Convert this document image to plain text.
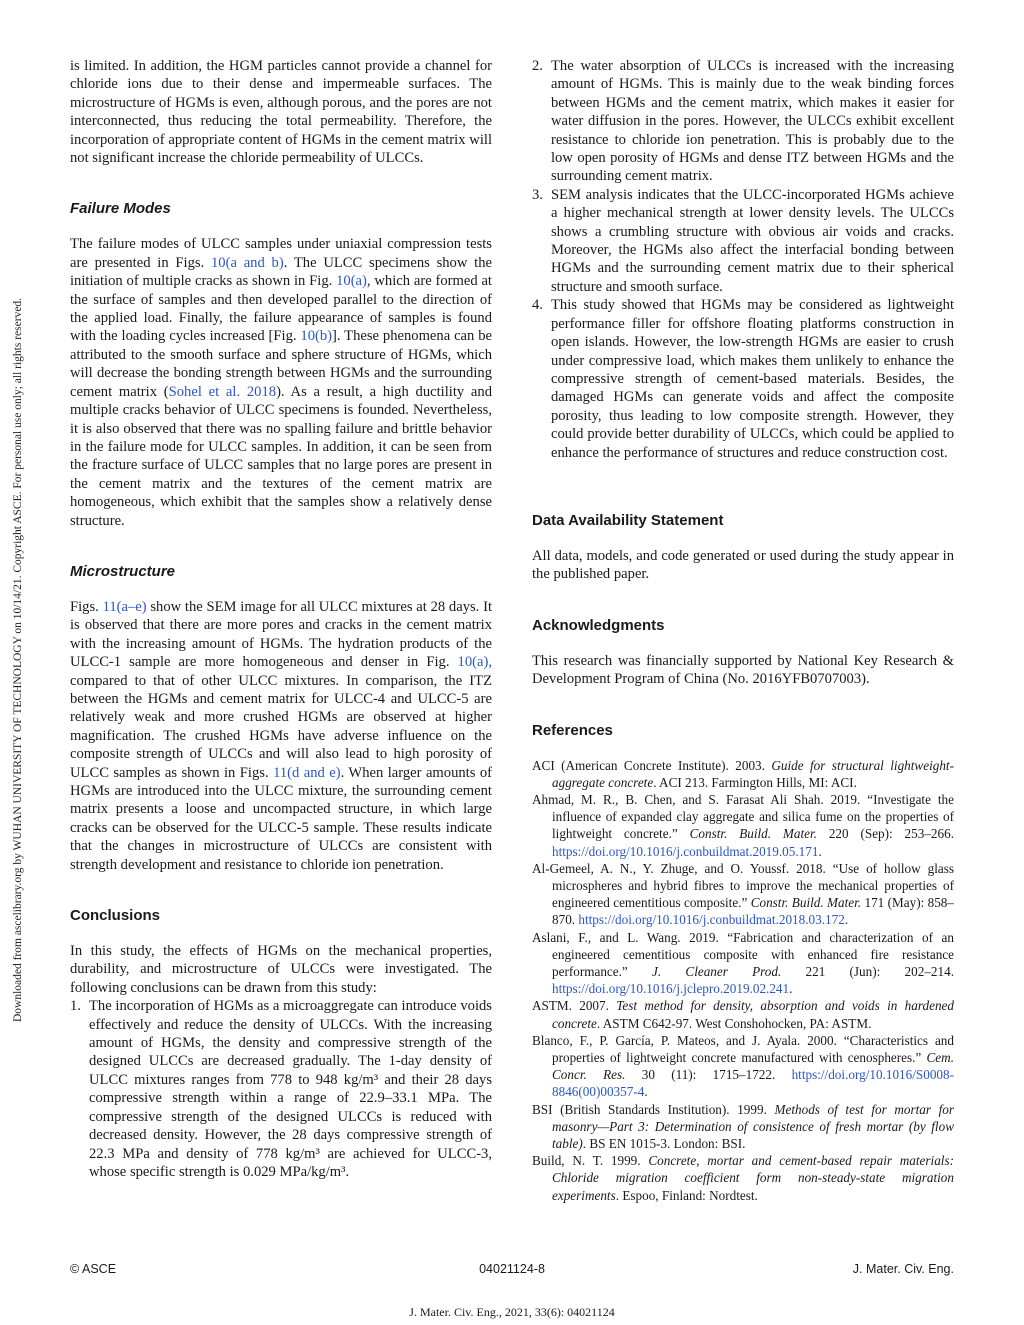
Downloaded from ascelibrary.org by WUHAN UNIVERSITY OF TECHNOLOGY on 10/14/21. Copyright ASCE. For personal use only; all rights reserved.

is limited. In addition, the HGM particles cannot provide a channel for chloride ions due to their dense and impermeable surfaces. The microstructure of HGMs is even, although porous, and the pores are not interconnected, thus reducing the total permeability. Therefore, the incorporation of appropriate content of HGMs in the cement matrix will not significant increase the chloride permeability of ULCCs.

Failure Modes

The failure modes of ULCC samples under uniaxial compression tests are presented in Figs. 10(a and b). The ULCC specimens show the initiation of multiple cracks as shown in Fig. 10(a), which are formed at the surface of samples and then developed parallel to the direction of the applied load. Finally, the failure appearance of samples is found with the loading cycles increased [Fig. 10(b)]. These phenomena can be attributed to the smooth surface and sphere structure of HGMs, which will decrease the bonding strength between HGMs and the surrounding cement matrix (Sohel et al. 2018). As a result, a high ductility and multiple cracks behavior of ULCC specimens is founded. Nevertheless, it is also observed that there was no spalling failure and brittle behavior in the failure mode for ULCC samples. In addition, it can be seen from the fracture surface of ULCC samples that no large pores are present in the cement matrix and the textures of the cement matrix are homogeneous, which exhibit that the samples show a relatively dense structure.

Microstructure

Figs. 11(a–e) show the SEM image for all ULCC mixtures at 28 days. It is observed that there are more pores and cracks in the cement matrix with the increasing amount of HGMs. The hydration products of the ULCC-1 sample are more homogeneous and denser in Fig. 10(a), compared to that of other ULCC mixtures. In comparison, the ITZ between the HGMs and cement matrix for ULCC-4 and ULCC-5 are relatively weak and more crushed HGMs are observed at higher magnification. The crushed HGMs have adverse influence on the composite strength of ULCCs and will also lead to high porosity of ULCC samples as shown in Figs. 11(d and e). When larger amounts of HGMs are introduced into the ULCC mixture, the surrounding cement matrix presents a loose and uncompacted structure, in which large cracks can be observed for the ULCC-5 sample. These results indicate that the changes in microstructure of ULCCs are consistent with strength development and resistance to chloride ion penetration.

Conclusions

In this study, the effects of HGMs on the mechanical properties, durability, and microstructure of ULCCs were investigated. The following conclusions can be drawn from this study:

1. The incorporation of HGMs as a microaggregate can introduce voids effectively and reduce the density of ULCCs. With the increasing amount of HGMs, the density and compressive strength of the designed ULCCs are decreased gradually. The 1-day density of ULCC mixtures ranges from 778 to 948 kg/m³ and their 28 days compressive strength within a range of 22.9–33.1 MPa. The compressive strength of the designed ULCCs is reduced with decreased density. However, the 28 days compressive strength of 22.3 MPa and density of 778 kg/m³ are achieved for ULCC-3, whose specific strength is 0.029 MPa/kg/m³.
2. The water absorption of ULCCs is increased with the increasing amount of HGMs. This is mainly due to the weak binding forces between HGMs and the cement matrix, which makes it easier for water diffusion in the pores. However, the ULCCs exhibit excellent resistance to chloride ion penetration. This is probably due to the low open porosity of HGMs and dense ITZ between HGMs and the surrounding cement matrix.
3. SEM analysis indicates that the ULCC-incorporated HGMs achieve a higher mechanical strength at lower density levels. The ULCCs shows a crumbling structure with obvious air voids and cracks. Moreover, the HGMs also affect the interfacial bonding between HGMs and the surrounding cement matrix due to their spherical structure and smooth surface.
4. This study showed that HGMs may be considered as lightweight performance filler for offshore floating platforms construction in open islands. However, the low-strength HGMs are easier to crush under compressive load, which makes them unlikely to enhance the compressive strength of cement-based materials. Besides, the damaged HGMs can generate voids and affect the composite porosity, thus leading to low composite strength. However, they could provide better durability of ULCCs, which could be applied to enhance the performance of structures and reduce construction cost.
Data Availability Statement

All data, models, and code generated or used during the study appear in the published paper.

Acknowledgments

This research was financially supported by National Key Research & Development Program of China (No. 2016YFB0707003).

References

ACI (American Concrete Institute). 2003. Guide for structural lightweight-aggregate concrete. ACI 213. Farmington Hills, MI: ACI.

Ahmad, M. R., B. Chen, and S. Farasat Ali Shah. 2019. “Investigate the influence of expanded clay aggregate and silica fume on the properties of lightweight concrete.” Constr. Build. Mater. 220 (Sep): 253–266. https://doi.org/10.1016/j.conbuildmat.2019.05.171.

Al-Gemeel, A. N., Y. Zhuge, and O. Youssf. 2018. “Use of hollow glass microspheres and hybrid fibres to improve the mechanical properties of engineered cementitious composite.” Constr. Build. Mater. 171 (May): 858–870. https://doi.org/10.1016/j.conbuildmat.2018.03.172.

Aslani, F., and L. Wang. 2019. “Fabrication and characterization of an engineered cementitious composite with enhanced fire resistance performance.” J. Cleaner Prod. 221 (Jun): 202–214. https://doi.org/10.1016/j.jclepro.2019.02.241.

ASTM. 2007. Test method for density, absorption and voids in hardened concrete. ASTM C642-97. West Conshohocken, PA: ASTM.

Blanco, F., P. García, P. Mateos, and J. Ayala. 2000. “Characteristics and properties of lightweight concrete manufactured with cenospheres.” Cem. Concr. Res. 30 (11): 1715–1722. https://doi.org/10.1016/S0008-8846(00)00357-4.

BSI (British Standards Institution). 1999. Methods of test for mortar for masonry—Part 3: Determination of consistence of fresh mortar (by flow table). BS EN 1015-3. London: BSI.

Build, N. T. 1999. Concrete, mortar and cement-based repair materials: Chloride migration coefficient form non-steady-state migration experiments. Espoo, Finland: Nordtest.

© ASCE	04021124-8	J. Mater. Civ. Eng.
J. Mater. Civ. Eng., 2021, 33(6): 04021124
